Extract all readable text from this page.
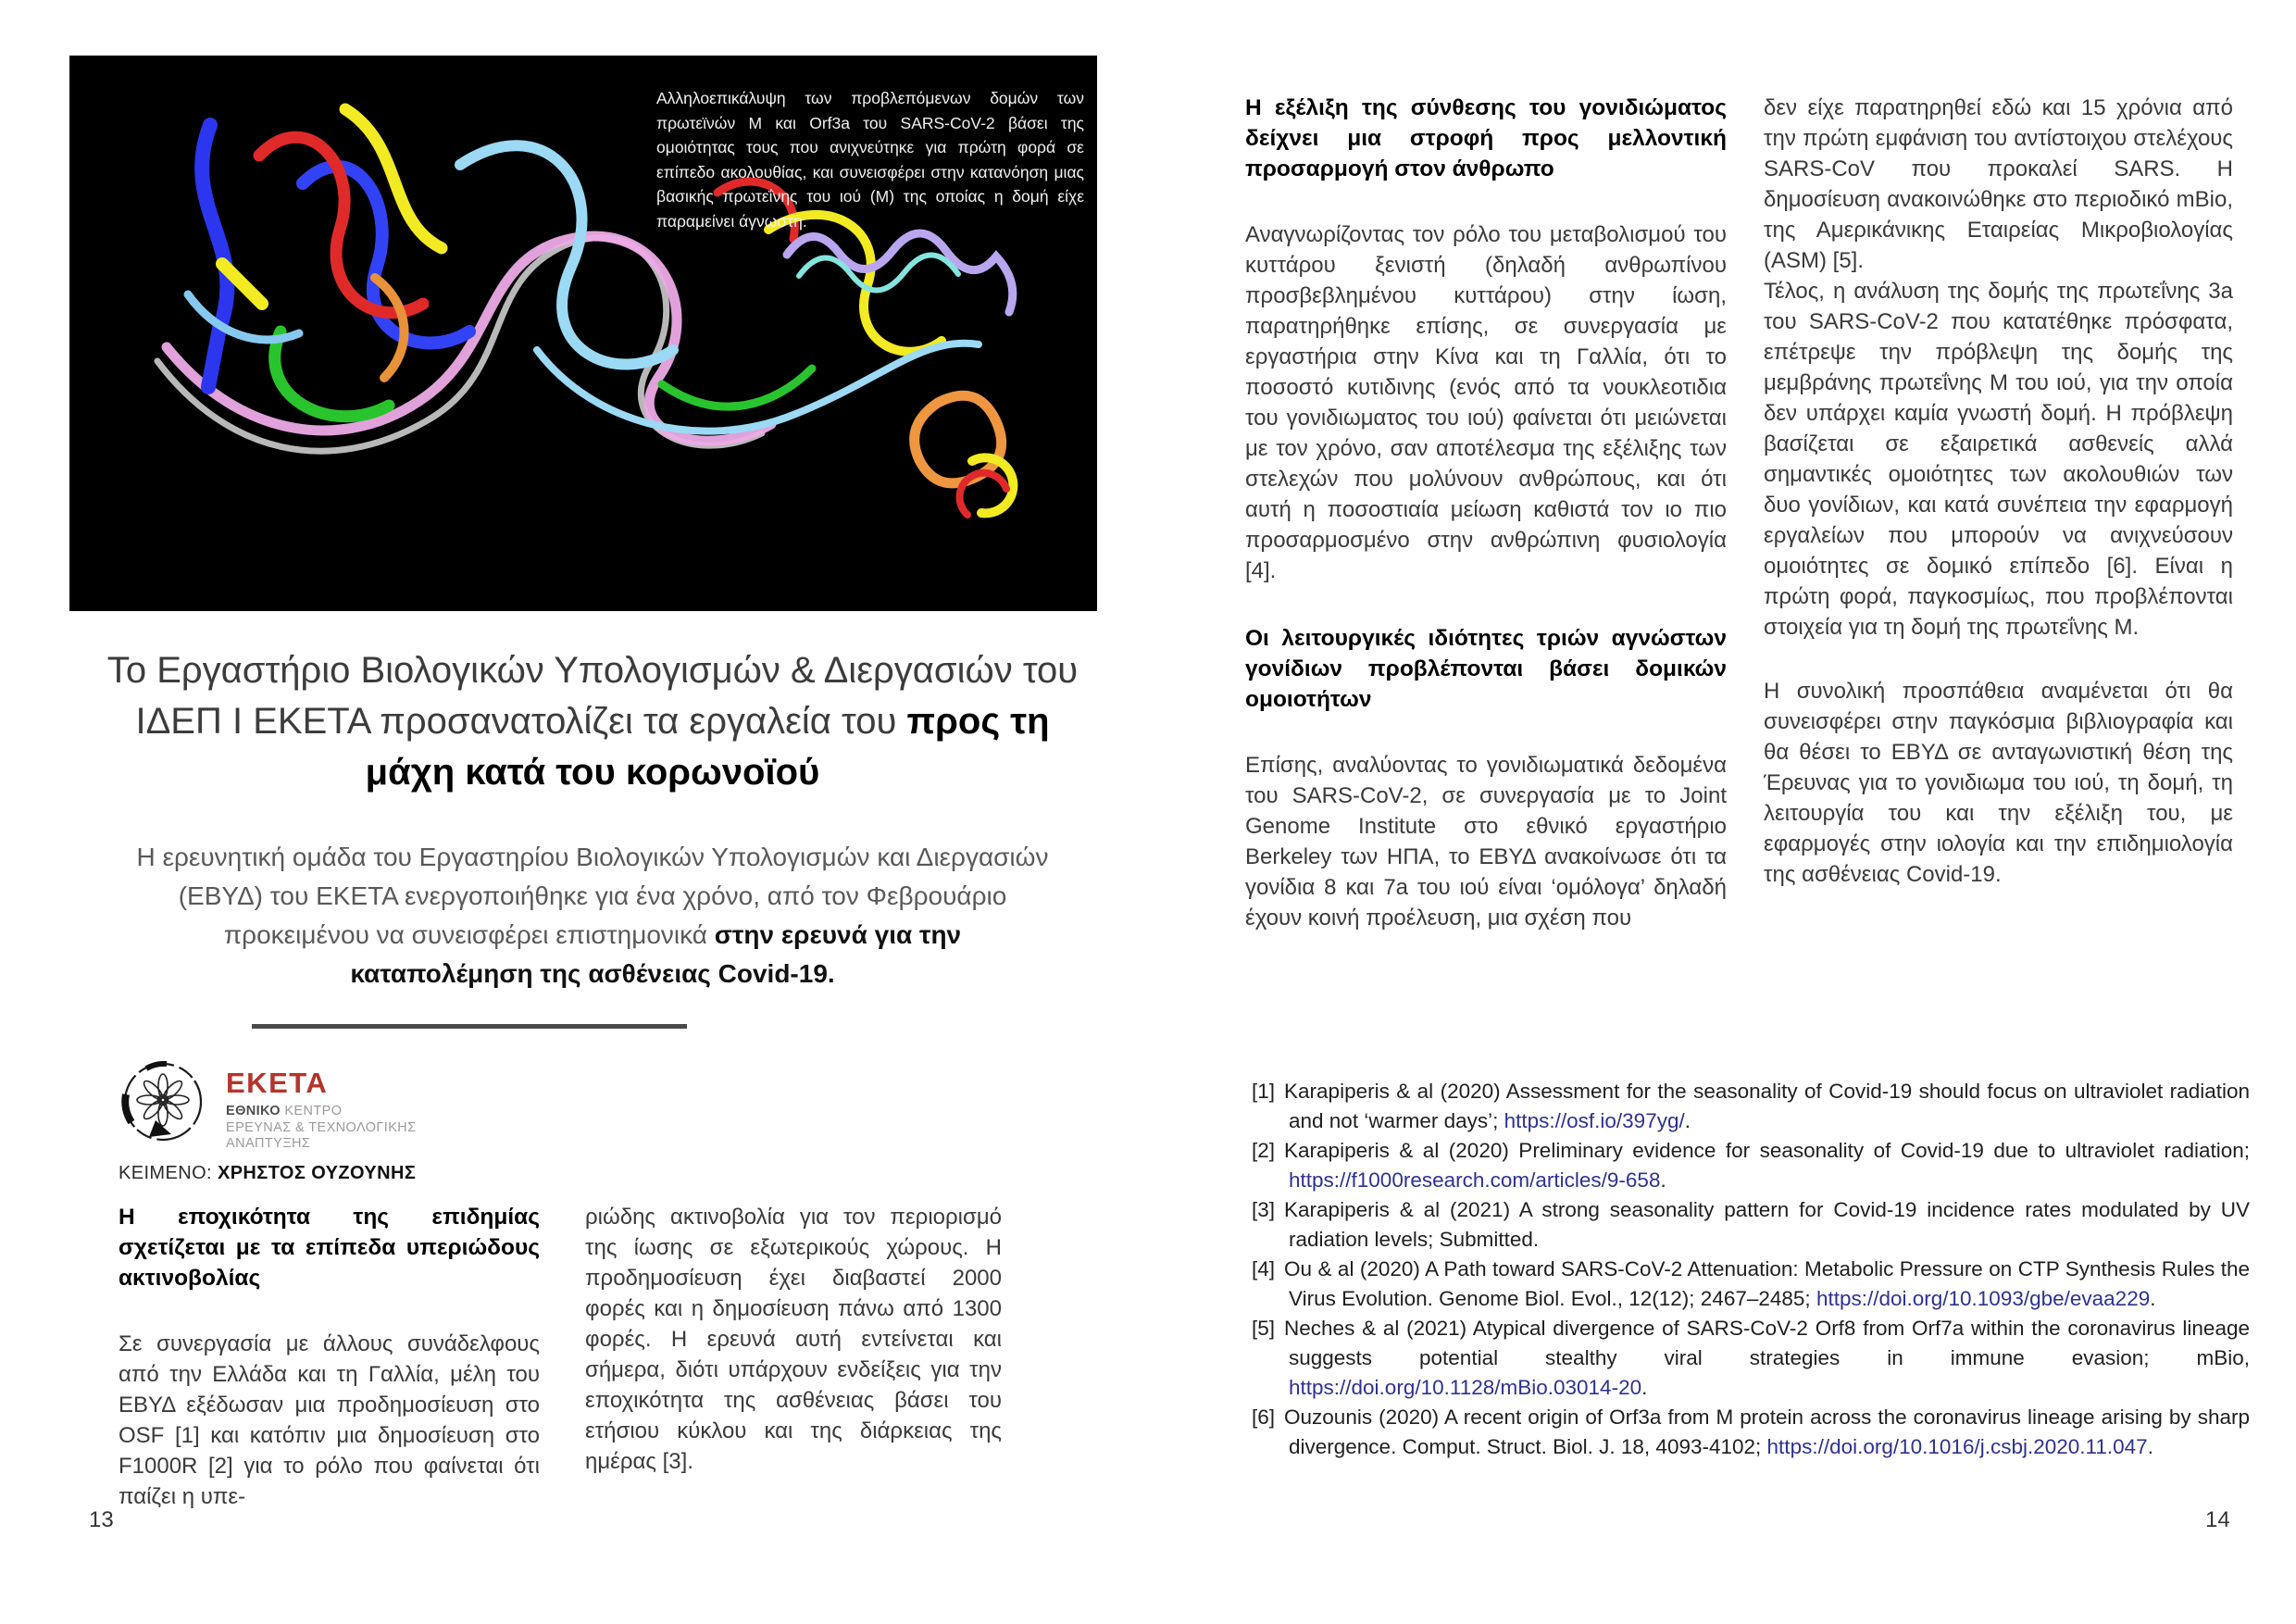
Αλληλοεπικάλυψη των προβλεπόμενων δομών των πρωτεϊνών Μ και Orf3a του SARS-CoV-2 βάσει της ομοιότητας τους που ανιχνεύτηκε για πρώτη φορά σε επίπεδο ακολουθίας, και συνεισφέρει στην κατανόηση μιας βασικής πρωτεΐνης του ιού (Μ) της οποίας η δομή είχε παραμείνει άγνωστη.
Το Εργαστήριο Βιολογικών Υπολογισμών & Διεργασιών του ΙΔΕΠ Ι ΕΚΕΤΑ προσανατολίζει τα εργαλεία του προς τη μάχη κατά του κορωνοϊού
Η ερευνητική ομάδα του Εργαστηρίου Βιολογικών Υπολογισμών και Διεργασιών (ΕΒΥΔ) του ΕΚΕΤΑ ενεργοποιήθηκε για ένα χρόνο, από τον Φεβρουάριο προκειμένου να συνεισφέρει επιστημονικά στην ερευνά για την καταπολέμηση της ασθένειας Covid-19.
ΕΚΕΤΑ
ΕΘΝΙΚΟ ΚΕΝΤΡΟ
ΕΡΕΥΝΑΣ & ΤΕΧΝΟΛΟΓΙΚΗΣ
ΑΝΑΠΤΥΞΗΣ
ΚΕΙΜΕΝΟ: ΧΡΗΣΤΟΣ ΟΥΖΟΥΝΗΣ
Η εποχικότητα της επιδημίας σχετίζεται με τα επίπεδα υπεριώδους ακτινοβολίας

Σε συνεργασία με άλλους συνάδελφους από την Ελλάδα και τη Γαλλία, μέλη του ΕΒΥΔ εξέδωσαν μια προδημοσίευση στο OSF [1] και κατόπιν μια δημοσίευση στο F1000R [2] για το ρόλο που φαίνεται ότι παίζει η υπε-

ριώδης ακτινοβολία για τον περιορισμό της ίωσης σε εξωτερικούς χώρους. Η προδημοσίευση έχει διαβαστεί 2000 φορές και η δημοσίευση πάνω από 1300 φορές. Η ερευνά αυτή εντείνεται και σήμερα, διότι υπάρχουν ενδείξεις για την εποχικότητα της ασθένειας βάσει του ετήσιου κύκλου και της διάρκειας της ημέρας [3].

Η εξέλιξη της σύνθεσης του γονιδιώματος δείχνει μια στροφή προς μελλοντική προσαρμογή στον άνθρωπο

Αναγνωρίζοντας τον ρόλο του μεταβολισμού του κυττάρου ξενιστή (δηλαδή ανθρωπίνου προσβεβλημένου κυττάρου) στην ίωση, παρατηρήθηκε επίσης, σε συνεργασία με εργαστήρια στην Κίνα και τη Γαλλία, ότι το ποσοστό κυτιδινης (ενός από τα νουκλεοτιδια του γονιδιωματος του ιού) φαίνεται ότι μειώνεται με τον χρόνο, σαν αποτέλεσμα της εξέλιξης των στελεχών που μολύνουν ανθρώπους, και ότι αυτή η ποσοστιαία μείωση καθιστά τον ιο πιο προσαρμοσμένο στην ανθρώπινη φυσιολογία [4].

Οι λειτουργικές ιδιότητες τριών αγνώστων γονίδιων προβλέπονται βάσει δομικών ομοιοτήτων

Επίσης, αναλύοντας το γονιδιωματικά δεδομένα του SARS-CoV-2, σε συνεργασία με το Joint Genome Institute στο εθνικό εργαστήριο Berkeley των ΗΠΑ, το ΕΒΥΔ ανακοίνωσε ότι τα γονίδια 8 και 7a του ιού είναι ‘ομόλογα’ δηλαδή έχουν κοινή προέλευση, μια σχέση που

δεν είχε παρατηρηθεί εδώ και 15 χρόνια από την πρώτη εμφάνιση του αντίστοιχου στελέχους SARS-CoV που προκαλεί SARS. Η δημοσίευση ανακοινώθηκε στο περιοδικό mBio, της Αμερικάνικης Εταιρείας Μικροβιολογίας (ASM) [5].

Τέλος, η ανάλυση της δομής της πρωτεΐνης 3a του SARS-CoV-2 που κατατέθηκε πρόσφατα, επέτρεψε την πρόβλεψη της δομής της μεμβράνης πρωτεΐνης Μ του ιού, για την οποία δεν υπάρχει καμία γνωστή δομή. Η πρόβλεψη βασίζεται σε εξαιρετικά ασθενείς αλλά σημαντικές ομοιότητες των ακολουθιών των δυο γονίδιων, και κατά συνέπεια την εφαρμογή εργαλείων που μπορούν να ανιχνεύσουν ομοιότητες σε δομικό επίπεδο [6]. Είναι η πρώτη φορά, παγκοσμίως, που προβλέπονται στοιχεία για τη δομή της πρωτεΐνης Μ.

Η συνολική προσπάθεια αναμένεται ότι θα συνεισφέρει στην παγκόσμια βιβλιογραφία και θα θέσει το ΕΒΥΔ σε ανταγωνιστική θέση της Έρευνας για το γονιδιωμα του ιού, τη δομή, τη λειτουργία του και την εξέλιξη του, με εφαρμογές στην ιολογία και την επιδημιολογία της ασθένειας Covid-19.

[1] Karapiperis & al (2020) Assessment for the seasonality of Covid-19 should focus on ultraviolet radiation and not ‘warmer days’; https://osf.io/397yg/.
[2] Karapiperis & al (2020) Preliminary evidence for seasonality of Covid-19 due to ultraviolet radiation; https://f1000research.com/articles/9-658.
[3] Karapiperis & al (2021) A strong seasonality pattern for Covid-19 incidence rates modulated by UV radiation levels; Submitted.
[4] Ou & al (2020) A Path toward SARS-CoV-2 Attenuation: Metabolic Pressure on CTP Synthesis Rules the Virus Evolution. Genome Biol. Evol., 12(12); 2467–2485; https://doi.org/10.1093/gbe/evaa229.
[5] Neches & al (2021) Atypical divergence of SARS-CoV-2 Orf8 from Orf7a within the coronavirus lineage suggests potential stealthy viral strategies in immune evasion; mBio, https://doi.org/10.1128/mBio.03014-20.
[6] Ouzounis (2020) A recent origin of Orf3a from M protein across the coronavirus lineage arising by sharp divergence. Comput. Struct. Biol. J. 18, 4093-4102; https://doi.org/10.1016/j.csbj.2020.11.047.
13	14
